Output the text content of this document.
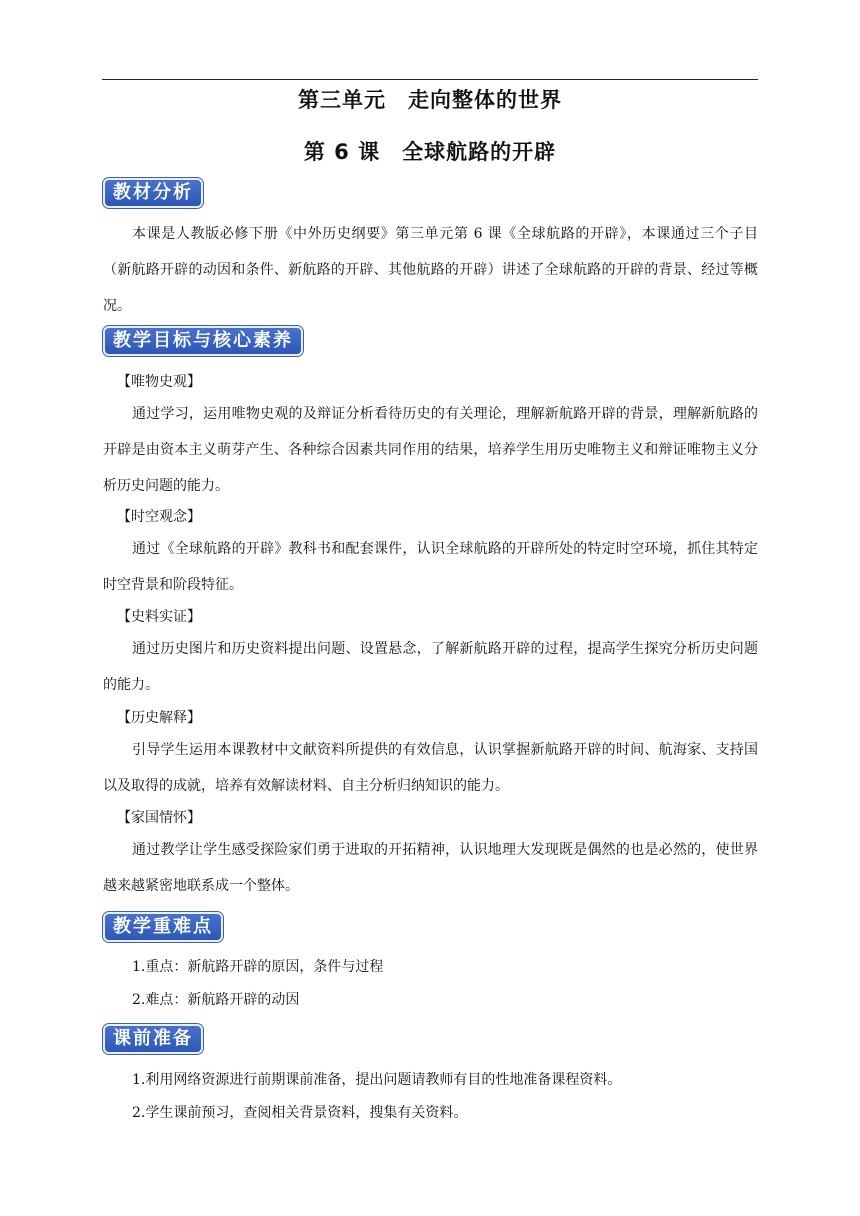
第三单元　走向整体的世界
第 6 课　全球航路的开辟
教材分析
本课是人教版必修下册《中外历史纲要》第三单元第 6 课《全球航路的开辟》，本课通过三个子目（新航路开辟的动因和条件、新航路的开辟、其他航路的开辟）讲述了全球航路的开辟的背景、经过等概况。
教学目标与核心素养
【唯物史观】
通过学习，运用唯物史观的及辩证分析看待历史的有关理论，理解新航路开辟的背景，理解新航路的开辟是由资本主义萌芽产生、各种综合因素共同作用的结果，培养学生用历史唯物主义和辩证唯物主义分析历史问题的能力。
【时空观念】
通过《全球航路的开辟》教科书和配套课件，认识全球航路的开辟所处的特定时空环境，抓住其特定时空背景和阶段特征。
【史料实证】
通过历史图片和历史资料提出问题、设置悬念，了解新航路开辟的过程，提高学生探究分析历史问题的能力。
【历史解释】
引导学生运用本课教材中文献资料所提供的有效信息，认识掌握新航路开辟的时间、航海家、支持国以及取得的成就，培养有效解读材料、自主分析归纳知识的能力。
【家国情怀】
通过教学让学生感受探险家们勇于进取的开拓精神，认识地理大发现既是偶然的也是必然的，使世界越来越紧密地联系成一个整体。
教学重难点
1.重点：新航路开辟的原因，条件与过程
2.难点：新航路开辟的动因
课前准备
1.利用网络资源进行前期课前准备，提出问题请教师有目的性地准备课程资料。
2.学生课前预习，查阅相关背景资料，搜集有关资料。
